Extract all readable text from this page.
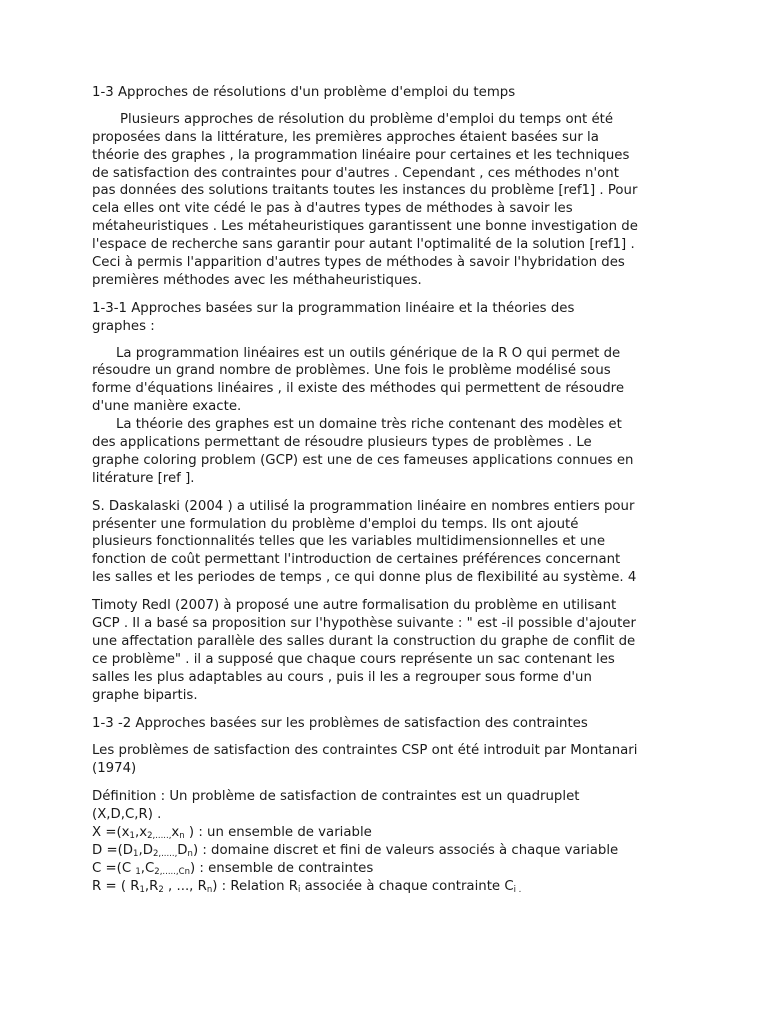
1-3 Approches de résolutions d'un problème d'emploi du temps
Plusieurs approches de résolution du problème d'emploi du temps ont été
proposées dans la littérature, les premières approches étaient basées sur la
théorie des graphes , la programmation linéaire pour certaines et les techniques
de satisfaction des contraintes pour d'autres . Cependant , ces méthodes n'ont
pas données des solutions traitants toutes les instances du problème [ref1] . Pour
cela elles ont vite cédé le pas à d'autres types de méthodes à savoir les
métaheuristiques . Les métaheuristiques garantissent une bonne investigation de
l'espace de recherche sans garantir pour autant l'optimalité de la solution [ref1] .
Ceci à permis l'apparition d'autres types de méthodes à savoir l'hybridation des
premières méthodes avec les méthaheuristiques.
1-3-1 Approches basées sur la programmation linéaire et la théories des
graphes :
La programmation linéaires est un outils générique de la R O qui permet de
résoudre un grand nombre de problèmes. Une fois le problème modélisé sous
forme d'équations linéaires , il existe des méthodes qui permettent de résoudre
d'une manière exacte.
La théorie des graphes est un domaine très riche contenant des modèles et
des applications permettant de résoudre plusieurs types de problèmes . Le
graphe coloring problem (GCP) est une de ces fameuses applications connues en
litérature [ref ].
S. Daskalaski (2004 ) a utilisé la programmation linéaire en nombres entiers pour
présenter une formulation du problème d'emploi du temps. Ils ont ajouté
plusieurs fonctionnalités telles que les variables multidimensionnelles et une
fonction de coût permettant l'introduction de certaines préférences concernant
les salles et les periodes de temps , ce qui donne plus de flexibilité au système. 4
Timoty Redl (2007) à proposé une autre formalisation du problème en utilisant
GCP . Il a basé sa proposition sur l'hypothèse suivante : " est -il possible d'ajouter
une affectation parallèle des salles durant la construction du graphe de conflit de
ce problème" . il a supposé que chaque cours représente un sac contenant les
salles les plus adaptables au cours , puis il les a regrouper sous forme d'un
graphe bipartis.
1-3 -2 Approches basées sur les problèmes de satisfaction des contraintes
Les problèmes de satisfaction des contraintes CSP ont été introduit par Montanari
(1974)
Définition : Un problème de satisfaction de contraintes est un quadruplet
(X,D,C,R) .
$X =(x_1,x_{2,.....,}x_n$ ) : un ensemble de variable
$D =(D_1,D_{2,.....,}D_n)$ : domaine discret et fini de valeurs associés à chaque variable
C =(C $_1,C_{2,.....,Cn}$) : ensemble de contraintes
R = ( $R_1,R_2$ , ..., $R_n$) : Relation $R_i$ associée à chaque contrainte $C_{i .}$
